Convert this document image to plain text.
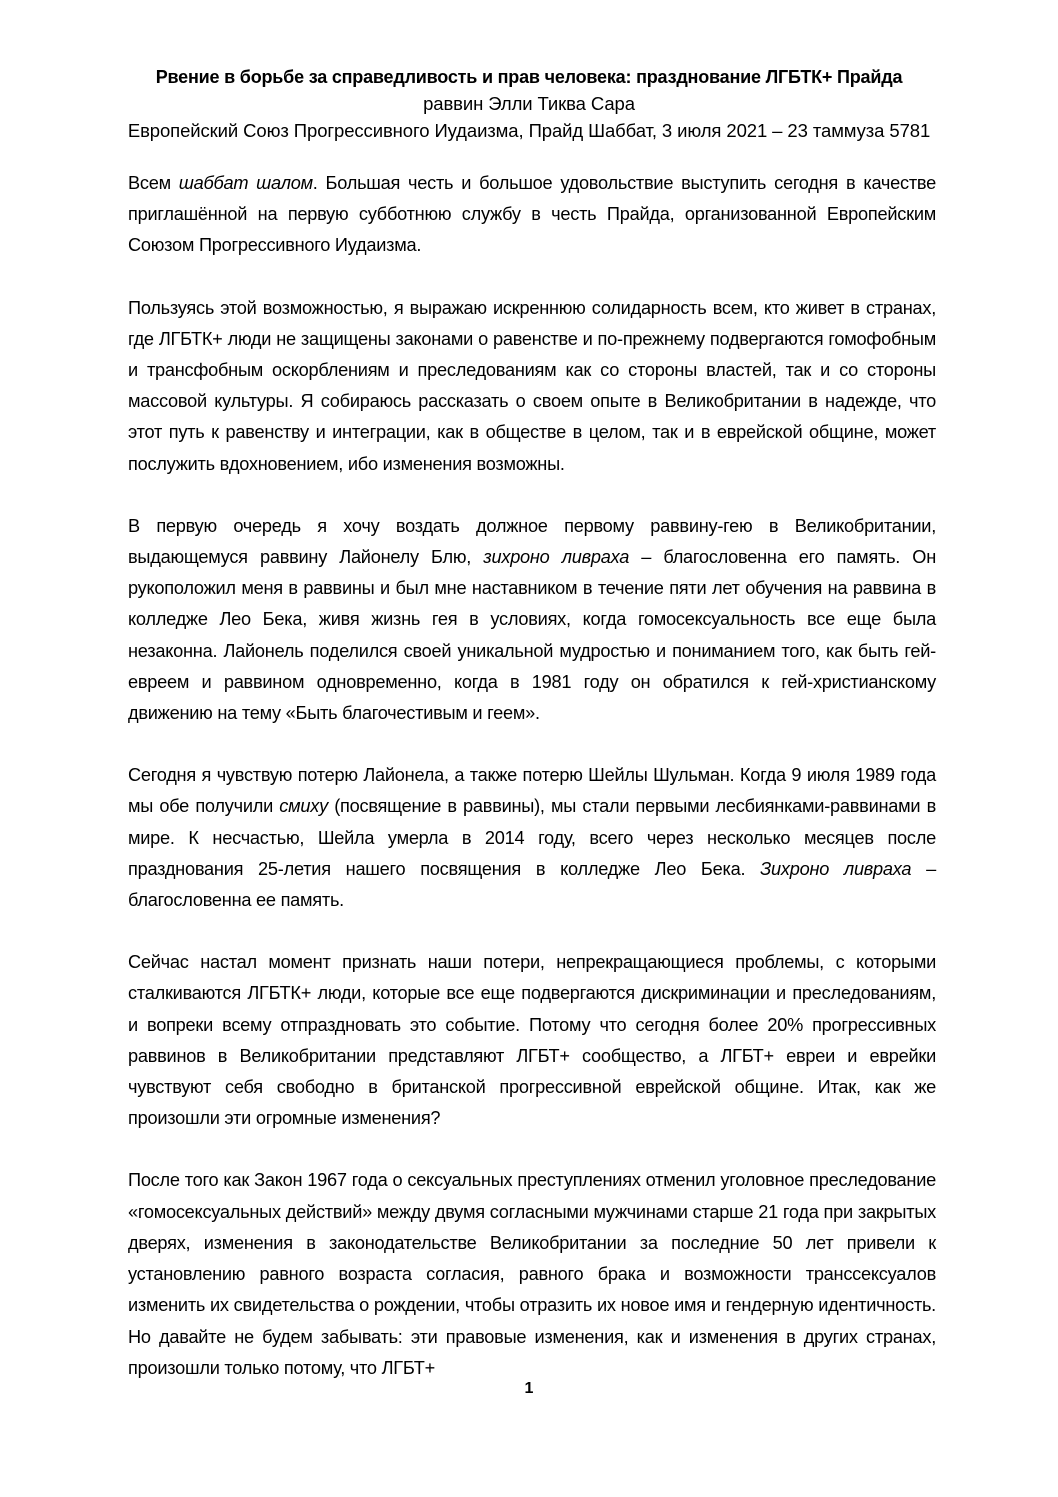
Рвение в борьбе за справедливость и прав человека: празднование ЛГБТК+ Прайда
раввин Элли Тиква Сара
Европейский Союз Прогрессивного Иудаизма, Прайд Шаббат, 3 июля 2021 – 23 таммуза 5781

Всем шаббат шалом. Большая честь и большое удовольствие выступить сегодня в качестве приглашённой на первую субботнюю службу в честь Прайда, организованной Европейским Союзом Прогрессивного Иудаизма.

Пользуясь этой возможностью, я выражаю искреннюю солидарность всем, кто живет в странах, где ЛГБТК+ люди не защищены законами о равенстве и по-прежнему подвергаются гомофобным и трансфобным оскорблениям и преследованиям как со стороны властей, так и со стороны массовой культуры. Я собираюсь рассказать о своем опыте в Великобритании в надежде, что этот путь к равенству и интеграции, как в обществе в целом, так и в еврейской общине, может послужить вдохновением, ибо изменения возможны.

В первую очередь я хочу воздать должное первому раввину-гею в Великобритании, выдающемуся раввину Лайонелу Блю, зихроно ливраха – благословенна его память. Он рукоположил меня в раввины и был мне наставником в течение пяти лет обучения на раввина в колледже Лео Бека, живя жизнь гея в условиях, когда гомосексуальность все еще была незаконна. Лайонель поделился своей уникальной мудростью и пониманием того, как быть гей-евреем и раввином одновременно, когда в 1981 году он обратился к гей-христианскому движению на тему «Быть благочестивым и геем».

Сегодня я чувствую потерю Лайонела, а также потерю Шейлы Шульман. Когда 9 июля 1989 года мы обе получили смиху (посвящение в раввины), мы стали первыми лесбиянками-раввинами в мире. К несчастью, Шейла умерла в 2014 году, всего через несколько месяцев после празднования 25-летия нашего посвящения в колледже Лео Бека. Зихроно ливраха – благословенна ее память.

Сейчас настал момент признать наши потери, непрекращающиеся проблемы, с которыми сталкиваются ЛГБТК+ люди, которые все еще подвергаются дискриминации и преследованиям, и вопреки всему отпраздновать это событие. Потому что сегодня более 20% прогрессивных раввинов в Великобритании представляют ЛГБТ+ сообщество, а ЛГБТ+ евреи и еврейки чувствуют себя свободно в британской прогрессивной еврейской общине. Итак, как же произошли эти огромные изменения?

После того как Закон 1967 года о сексуальных преступлениях отменил уголовное преследование «гомосексуальных действий» между двумя согласными мужчинами старше 21 года при закрытых дверях, изменения в законодательстве Великобритании за последние 50 лет привели к установлению равного возраста согласия, равного брака и возможности транссексуалов изменить их свидетельства о рождении, чтобы отразить их новое имя и гендерную идентичность. Но давайте не будем забывать: эти правовые изменения, как и изменения в других странах, произошли только потому, что ЛГБТ+

1
